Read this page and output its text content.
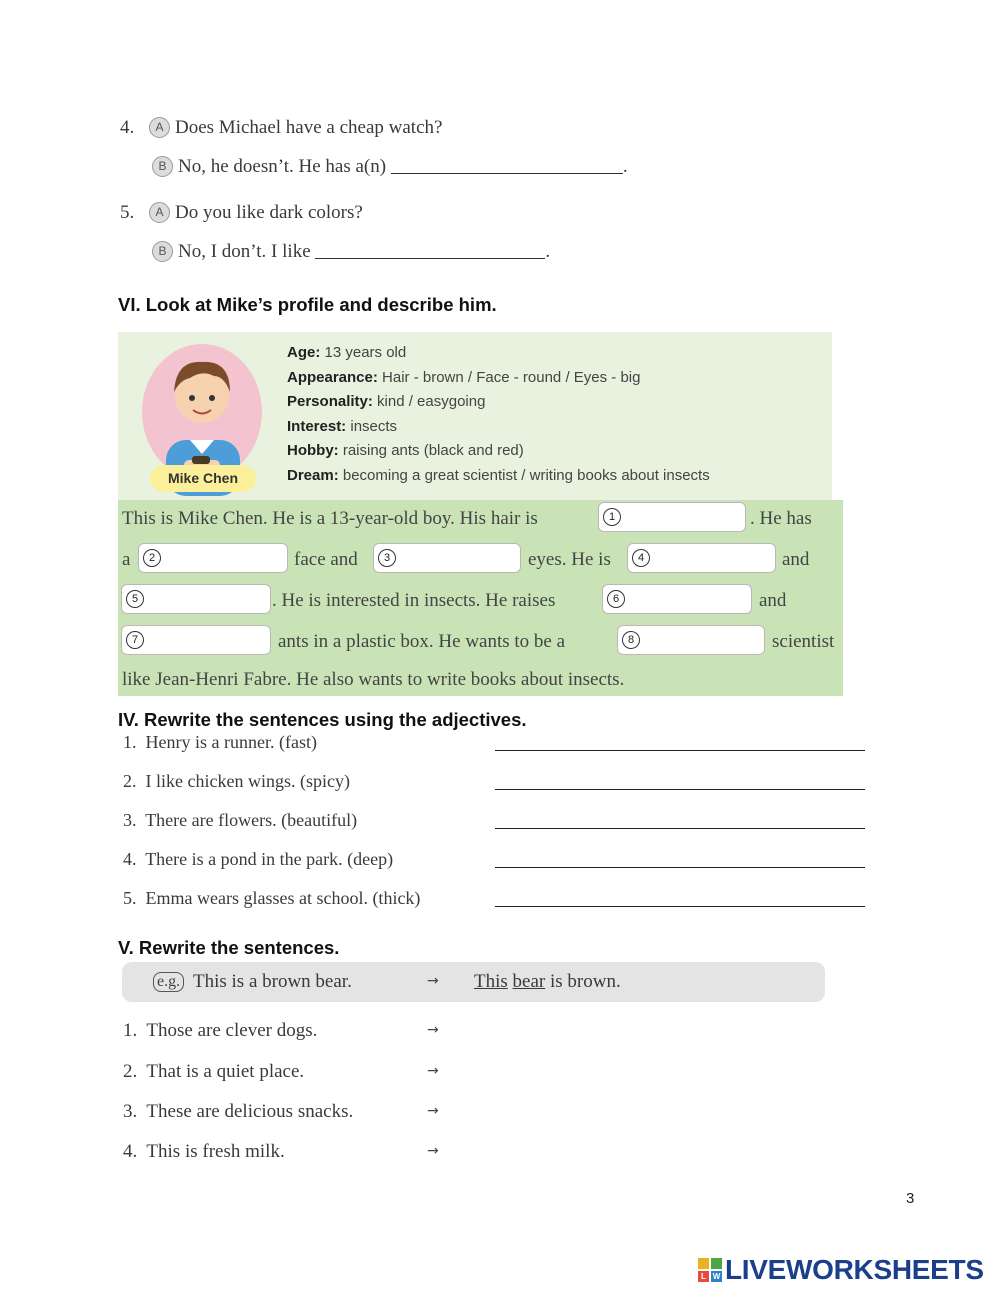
4. A Does Michael have a cheap watch?
B No, he doesn’t. He has a(n)	.
5. A Do you like dark colors?
B No, I don’t. I like	.
VI. Look at Mike’s profile and describe him.
Mike Chen
Age: 13 years old
Appearance: Hair - brown / Face - round / Eyes - big
Personality: kind / easygoing
Interest: insects
Hobby: raising ants (black and red)
Dream: becoming a great scientist / writing books about insects
This is Mike Chen. He is a 13-year-old boy. His hair is	1	. He has
a	2	face and	3	eyes. He is	4	and
5	. He is interested in insects. He raises	6	and
7	ants in a plastic box. He wants to be a	8	scientist
like Jean-Henri Fabre. He also wants to write books about insects.
IV. Rewrite the sentences using the adjectives.
1. Henry is a runner. (fast)
2. I like chicken wings. (spicy)
3. There are flowers. (beautiful)
4. There is a pond in the park. (deep)
5. Emma wears glasses at school. (thick)
V. Rewrite the sentences.
e.g. This is a brown bear.	→ This bear is brown.
1. Those are clever dogs.	→
2. That is a quiet place.	→
3. These are delicious snacks.	→
4. This is fresh milk.	→
3
L W LIVEWORKSHEETS
